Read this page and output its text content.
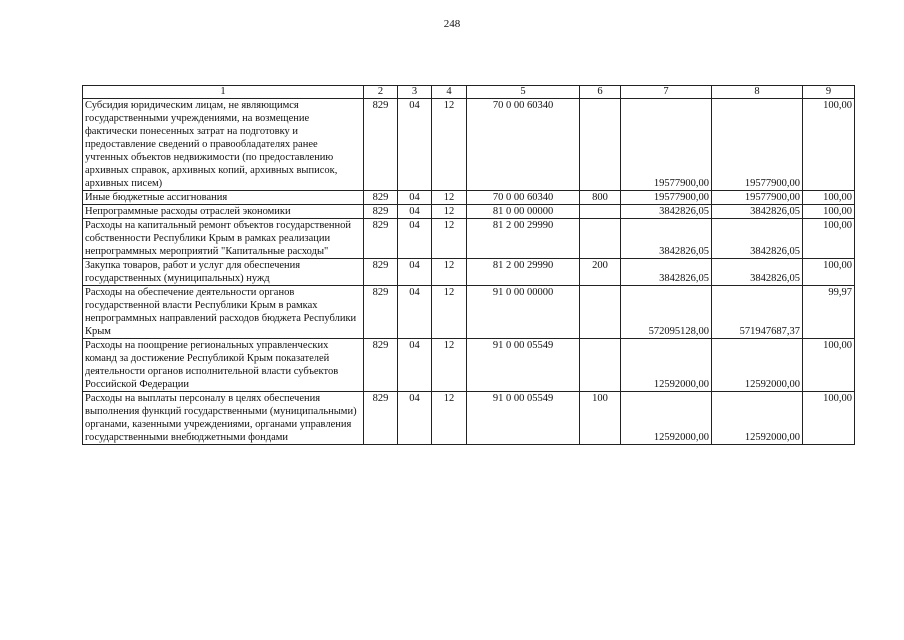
248
1	2	3	4	5	6	7	8	9
Субсидия юридическим лицам, не являющимся государственными учреждениями, на возмещение фактически понесенных затрат на подготовку и предоставление сведений о правообладателях ранее учтенных объектов недвижимости (по предоставлению архивных справок, архивных копий, архивных выписок, архивных писем)	829	04	12	70 0 00 60340		19577900,00	19577900,00	100,00
Иные бюджетные ассигнования	829	04	12	70 0 00 60340	800	19577900,00	19577900,00	100,00
Непрограммные расходы отраслей экономики	829	04	12	81 0 00 00000		3842826,05	3842826,05	100,00
Расходы на капитальный ремонт объектов государственной собственности Республики Крым в рамках реализации непрограммных мероприятий "Капитальные расходы"	829	04	12	81 2 00 29990		3842826,05	3842826,05	100,00
Закупка товаров, работ и услуг для обеспечения государственных (муниципальных) нужд	829	04	12	81 2 00 29990	200	3842826,05	3842826,05	100,00
Расходы на обеспечение деятельности органов государственной власти Республики Крым в рамках непрограммных направлений расходов бюджета Республики Крым	829	04	12	91 0 00 00000		572095128,00	571947687,37	99,97
Расходы на поощрение региональных управленческих команд за достижение Республикой Крым показателей деятельности органов исполнительной власти субъектов Российской Федерации	829	04	12	91 0 00 05549		12592000,00	12592000,00	100,00
Расходы на выплаты персоналу в целях обеспечения выполнения функций государственными (муниципальными) органами, казенными учреждениями, органами управления государственными внебюджетными фондами	829	04	12	91 0 00 05549	100	12592000,00	12592000,00	100,00
